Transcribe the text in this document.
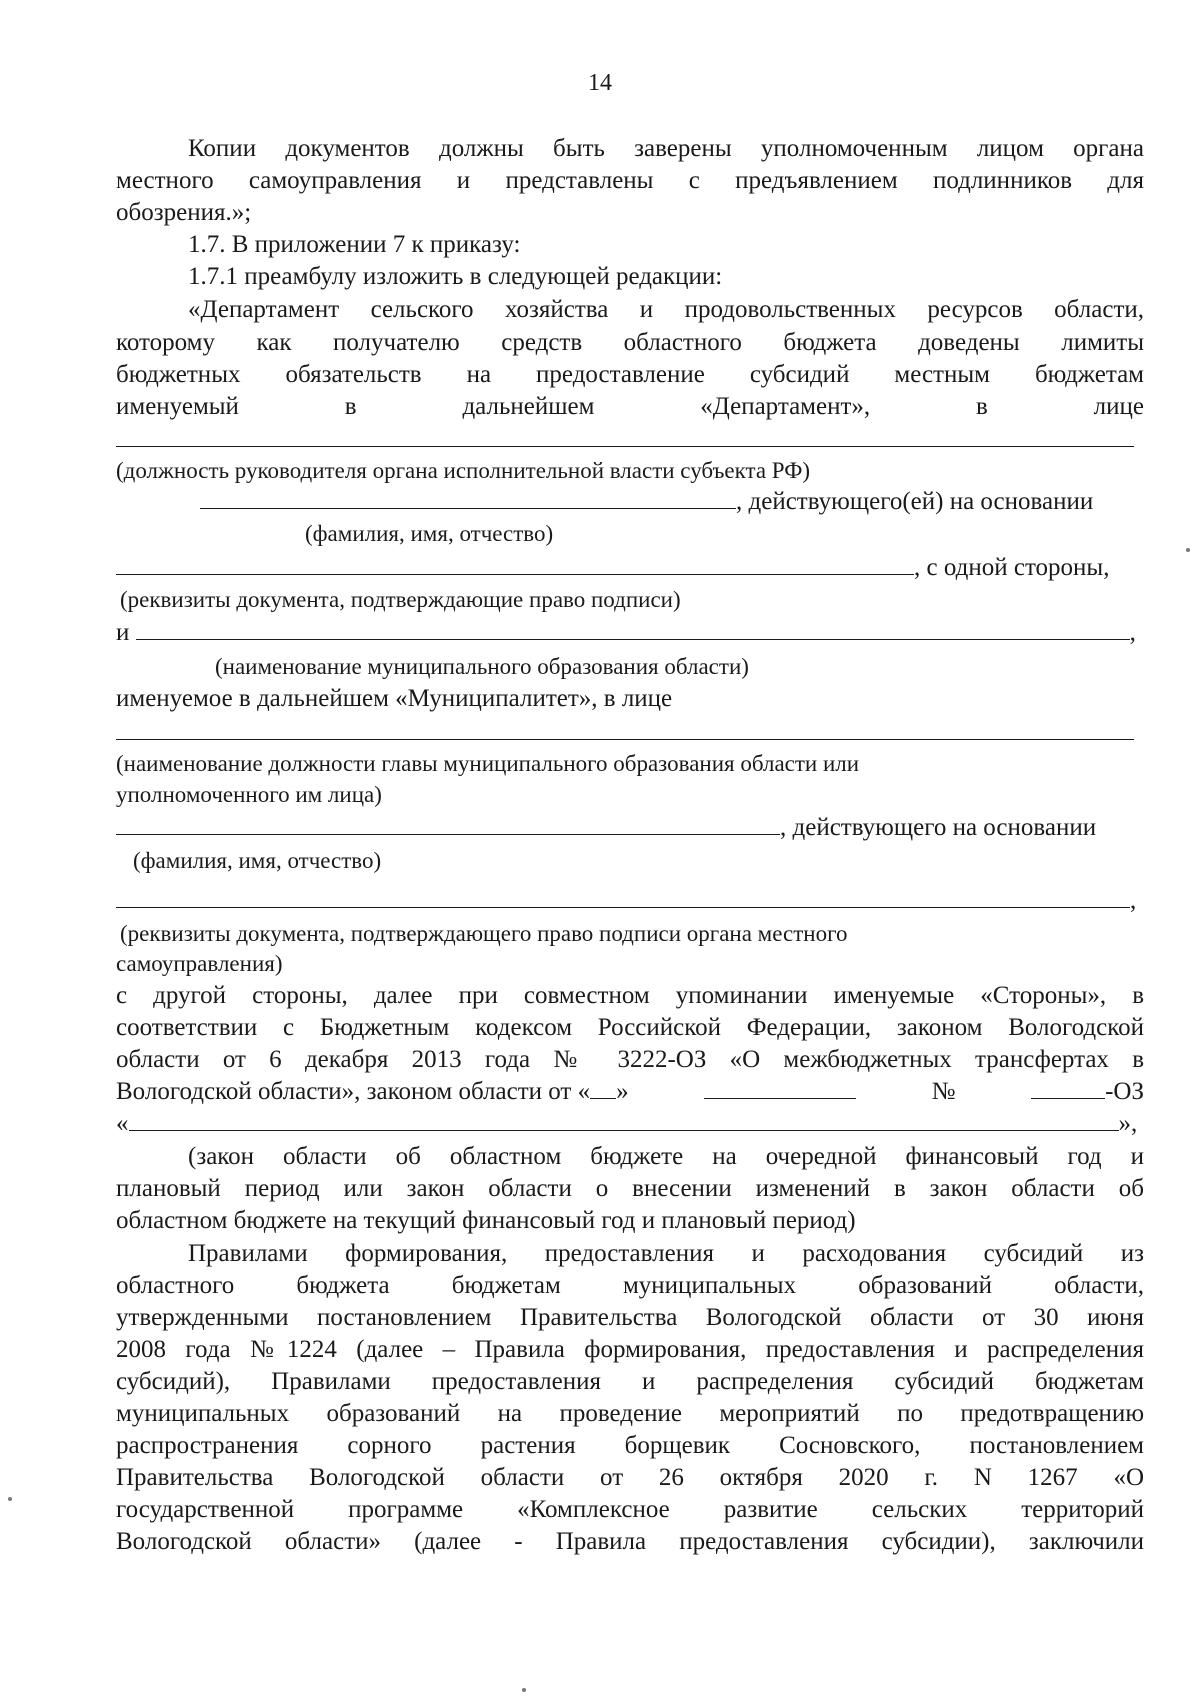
14
Копии документов должны быть заверены уполномоченным лицом органа
местного самоуправления и представлены с предъявлением подлинников для
обозрения.»;
1.7. В приложении 7 к приказу:
1.7.1 преамбулу изложить в следующей редакции:
«Департамент сельского хозяйства и продовольственных ресурсов области,
которому как получателю средств областного бюджета доведены лимиты
бюджетных обязательств на предоставление субсидий местным бюджетам
именуемый в дальнейшем «Департамент», в лице
(должность руководителя органа исполнительной власти субъекта РФ)
, действующего(ей) на основании
(фамилия, имя, отчество)
, с одной стороны,
(реквизиты документа, подтверждающие право подписи)
и	,
(наименование муниципального образования области)
именуемое в дальнейшем «Муниципалитет», в лице
(наименование должности главы муниципального образования области или
уполномоченного им лица)
, действующего на основании
(фамилия, имя, отчество)
,
(реквизиты документа, подтверждающего право подписи органа местного
самоуправления)
с другой стороны, далее при совместном упоминании именуемые «Стороны», в
соответствии с Бюджетным кодексом Российской Федерации, законом Вологодской
области от 6 декабря 2013 года № 3222-ОЗ «О межбюджетных трансфертах в
Вологодской области», законом области от « »	№	-ОЗ
«	»,
(закон области об областном бюджете на очередной финансовый год и
плановый период или закон области о внесении изменений в закон области об
областном бюджете на текущий финансовый год и плановый период)
Правилами формирования, предоставления и расходования субсидий из
областного бюджета бюджетам муниципальных образований области,
утвержденными постановлением Правительства Вологодской области от 30 июня
2008 года №1224 (далее – Правила формирования, предоставления и распределения
субсидий), Правилами предоставления и распределения субсидий бюджетам
муниципальных образований на проведение мероприятий по предотвращению
распространения сорного растения борщевик Сосновского, постановлением
Правительства Вологодской области от 26 октября 2020 г. N 1267 «О
государственной программе «Комплексное развитие сельских территорий
Вологодской области» (далее - Правила предоставления субсидии), заключили
